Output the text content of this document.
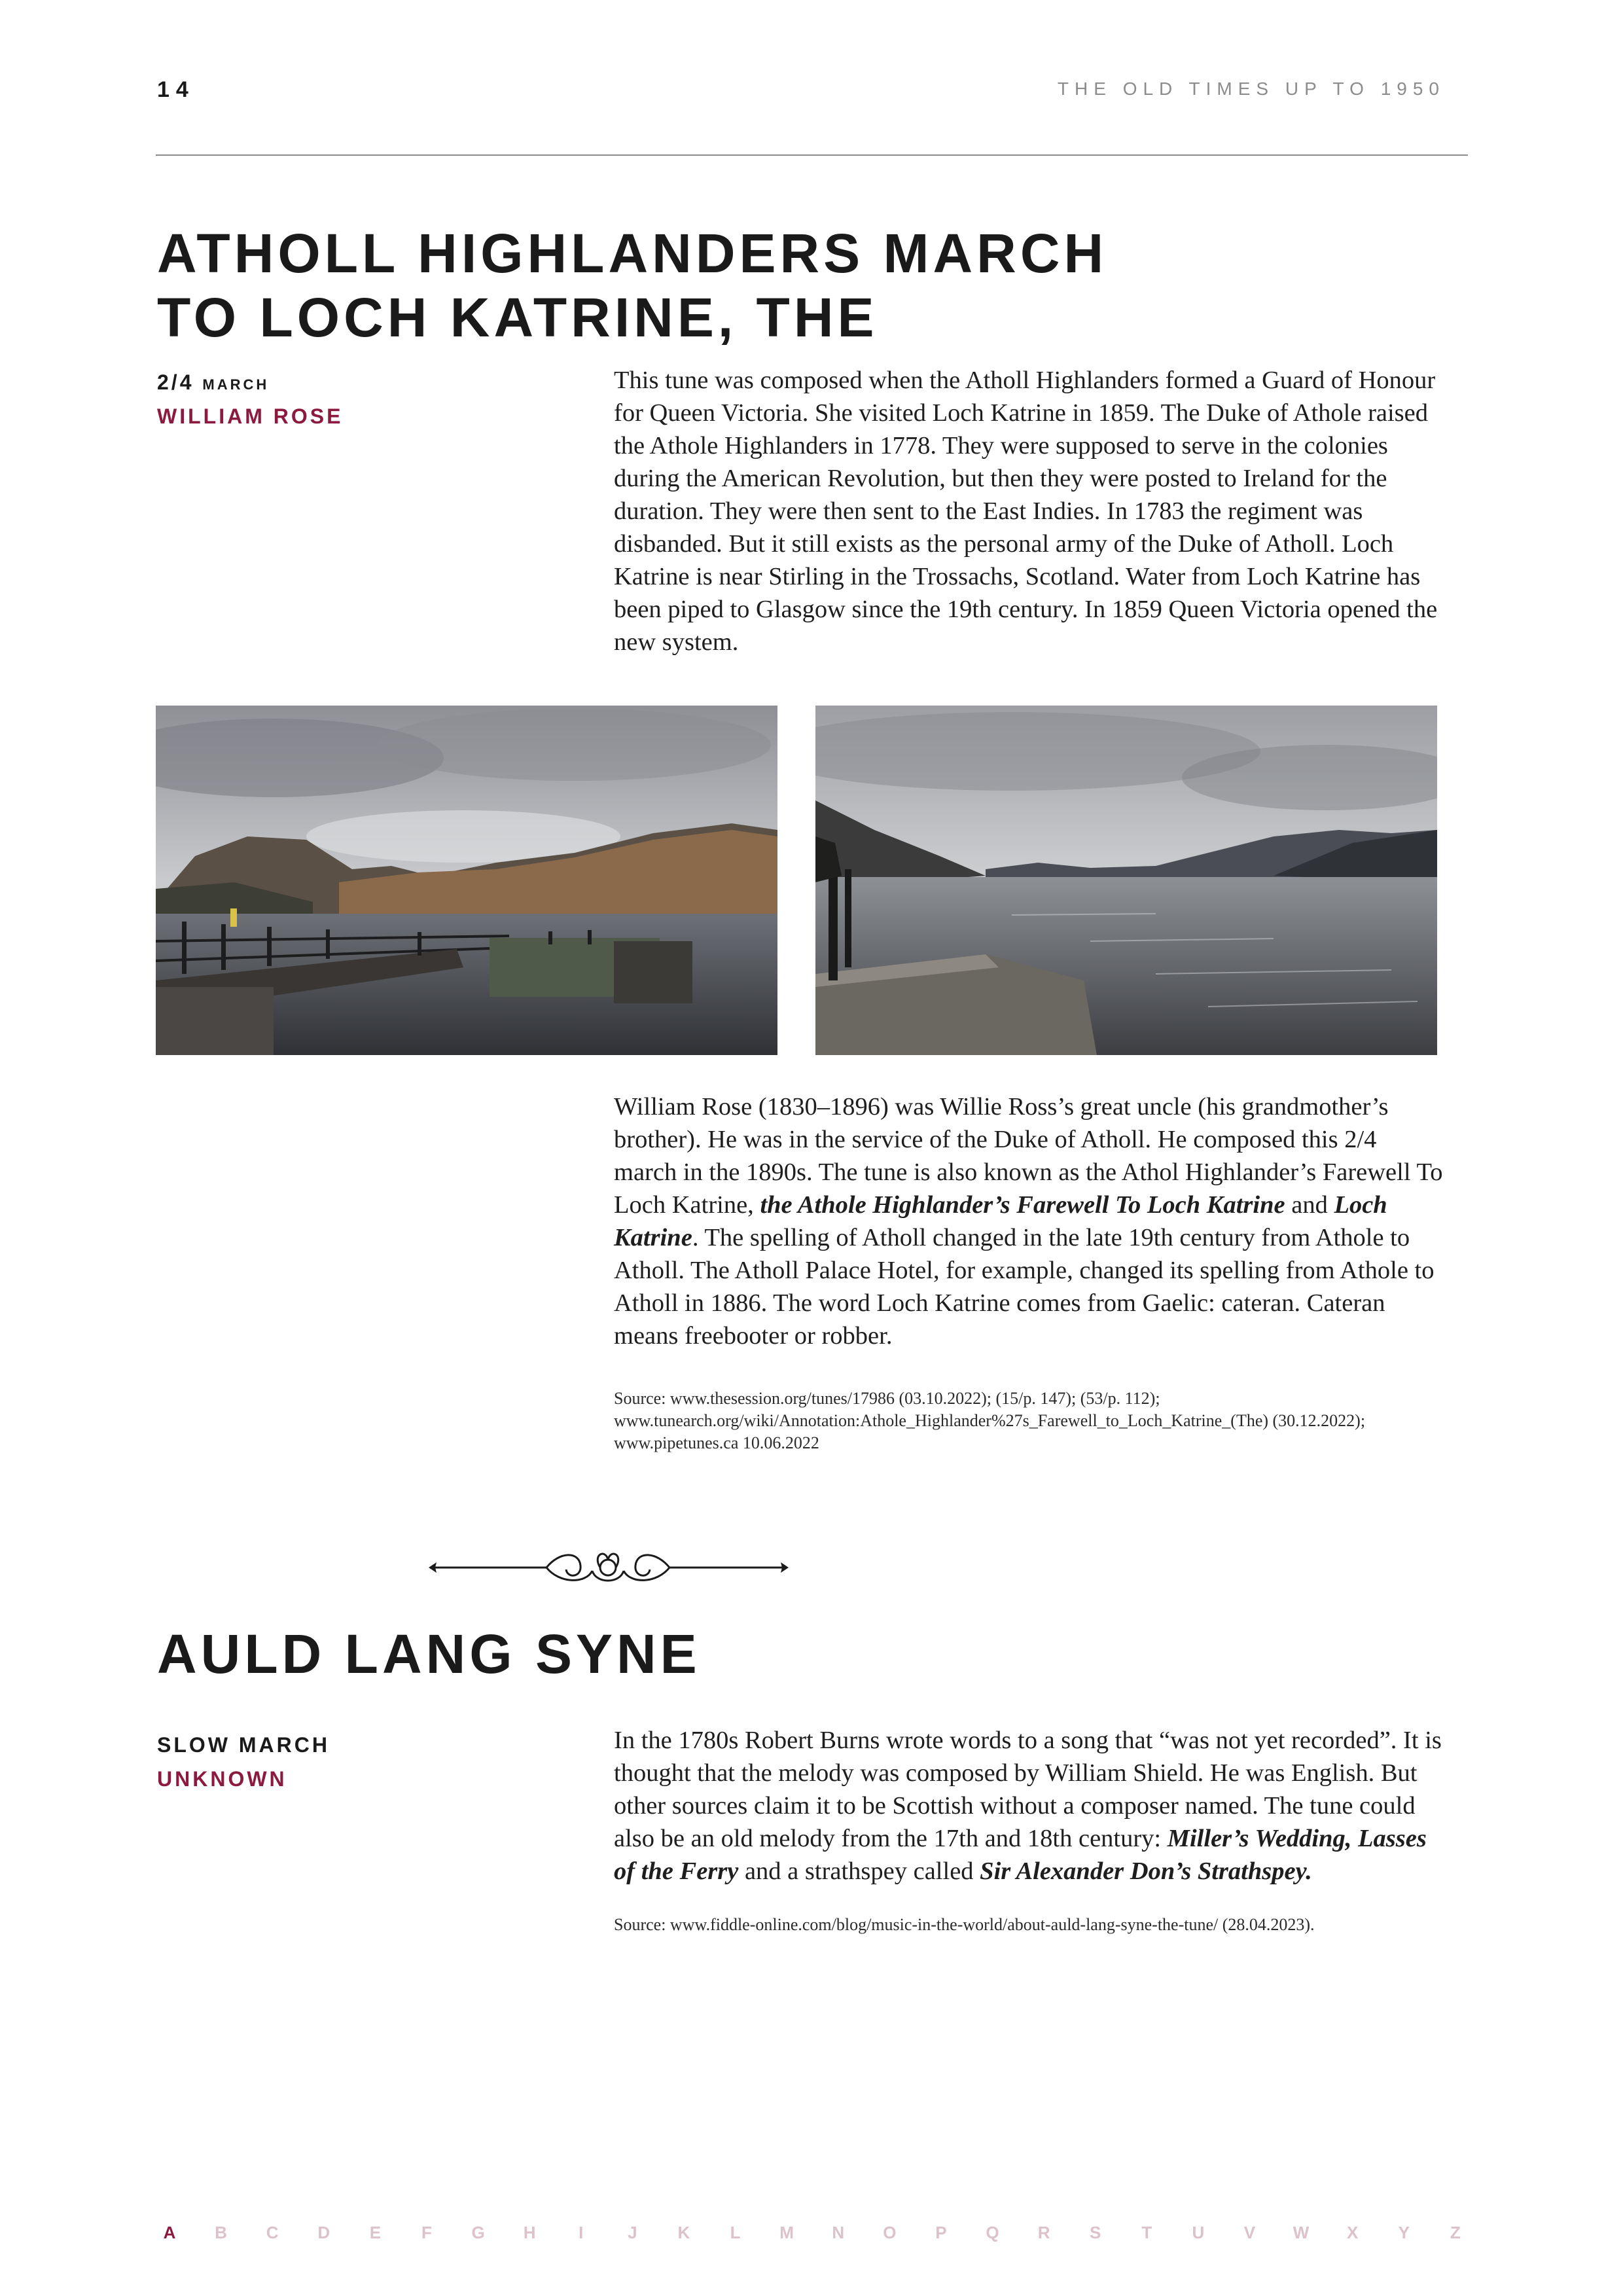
14	THE OLD TIMES UP TO 1950
ATHOLL HIGHLANDERS MARCH
TO LOCH KATRINE, THE
2/4 march
WILLIAM ROSE

This tune was composed when the Atholl Highlanders formed a Guard of Honour for Queen Victoria. She visited Loch Katrine in 1859. The Duke of Athole raised the Athole Highlanders in 1778. They were supposed to serve in the colonies during the American Revolution, but then they were posted to Ireland for the duration. They were then sent to the East Indies. In 1783 the regiment was disbanded. But it still exists as the personal army of the Duke of Atholl. Loch Katrine is near Stirling in the Trossachs, Scotland. Water from Loch Katrine has been piped to Glasgow since the 19th century. In 1859 Queen Victoria opened the new system.

William Rose (1830–1896) was Willie Ross’s great uncle (his grandmother’s brother). He was in the service of the Duke of Atholl. He composed this 2/4 march in the 1890s. The tune is also known as the Athol Highlander’s Farewell To Loch Katrine, the Athole Highlander’s Farewell To Loch Katrine and Loch Katrine. The spelling of Atholl changed in the late 19th century from Athole to Atholl. The Atholl Palace Hotel, for example, changed its spelling from Athole to Atholl in 1886. The word Loch Katrine comes from Gaelic: cateran. Cateran means freebooter or robber.

Source: www.thesession.org/tunes/17986 (03.10.2022); (15/p. 147); (53/p. 112); www.tunearch.org/wiki/Annotation:Athole_Highlander%27s_Farewell_to_Loch_Katrine_(The) (30.12.2022); www.pipetunes.ca 10.06.2022

AULD LANG SYNE
SLOW MARCH
UNKNOWN

In the 1780s Robert Burns wrote words to a song that “was not yet recorded”. It is thought that the melody was composed by William Shield. He was English. But other sources claim it to be Scottish without a composer named. The tune could also be an old melody from the 17th and 18th century: Miller’s Wedding, Lasses of the Ferry and a strathspey called Sir Alexander Don’s Strathspey.

Source: www.fiddle-online.com/blog/music-in-the-world/about-auld-lang-syne-the-tune/ (28.04.2023).

A	B	C	D	E	F	G	H	I	J	K	L	M	N	O	P	Q	R	S	T	U	V	W	X	Y	Z
